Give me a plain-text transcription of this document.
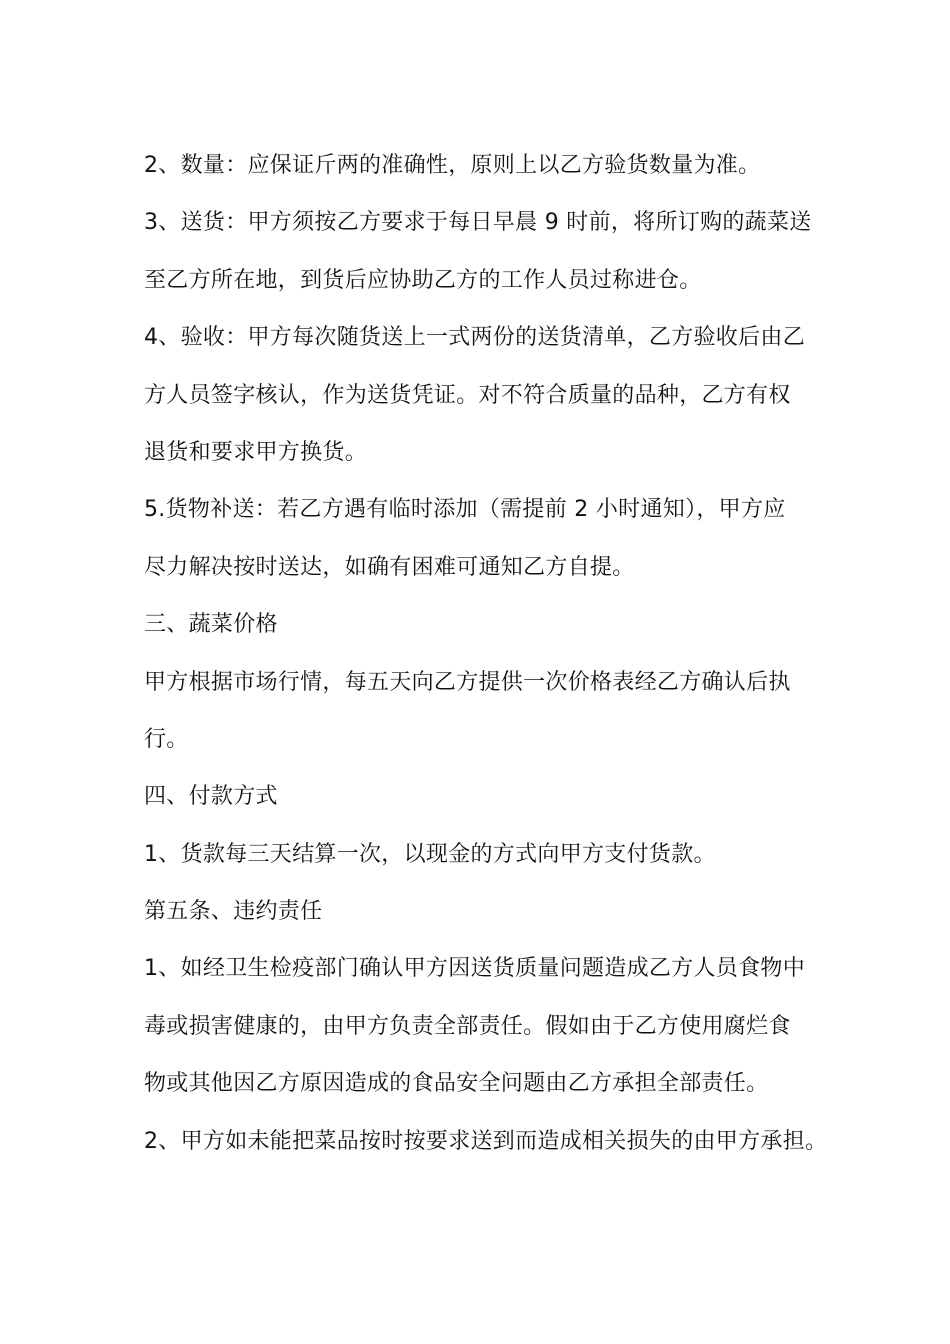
2、数量：应保证斤两的准确性，原则上以乙方验货数量为准。
3、送货：甲方须按乙方要求于每日早晨 9 时前，将所订购的蔬菜送
至乙方所在地，到货后应协助乙方的工作人员过称进仓。
4、验收：甲方每次随货送上一式两份的送货清单，乙方验收后由乙
方人员签字核认，作为送货凭证。对不符合质量的品种，乙方有权
退货和要求甲方换货。
5.货物补送：若乙方遇有临时添加（需提前 2 小时通知），甲方应
尽力解决按时送达，如确有困难可通知乙方自提。
三、蔬菜价格
甲方根据市场行情，每五天向乙方提供一次价格表经乙方确认后执
行。
四、付款方式
1、货款每三天结算一次，以现金的方式向甲方支付货款。
第五条、违约责任
1、如经卫生检疫部门确认甲方因送货质量问题造成乙方人员食物中
毒或损害健康的，由甲方负责全部责任。假如由于乙方使用腐烂食
物或其他因乙方原因造成的食品安全问题由乙方承担全部责任。
2、甲方如未能把菜品按时按要求送到而造成相关损失的由甲方承担。
